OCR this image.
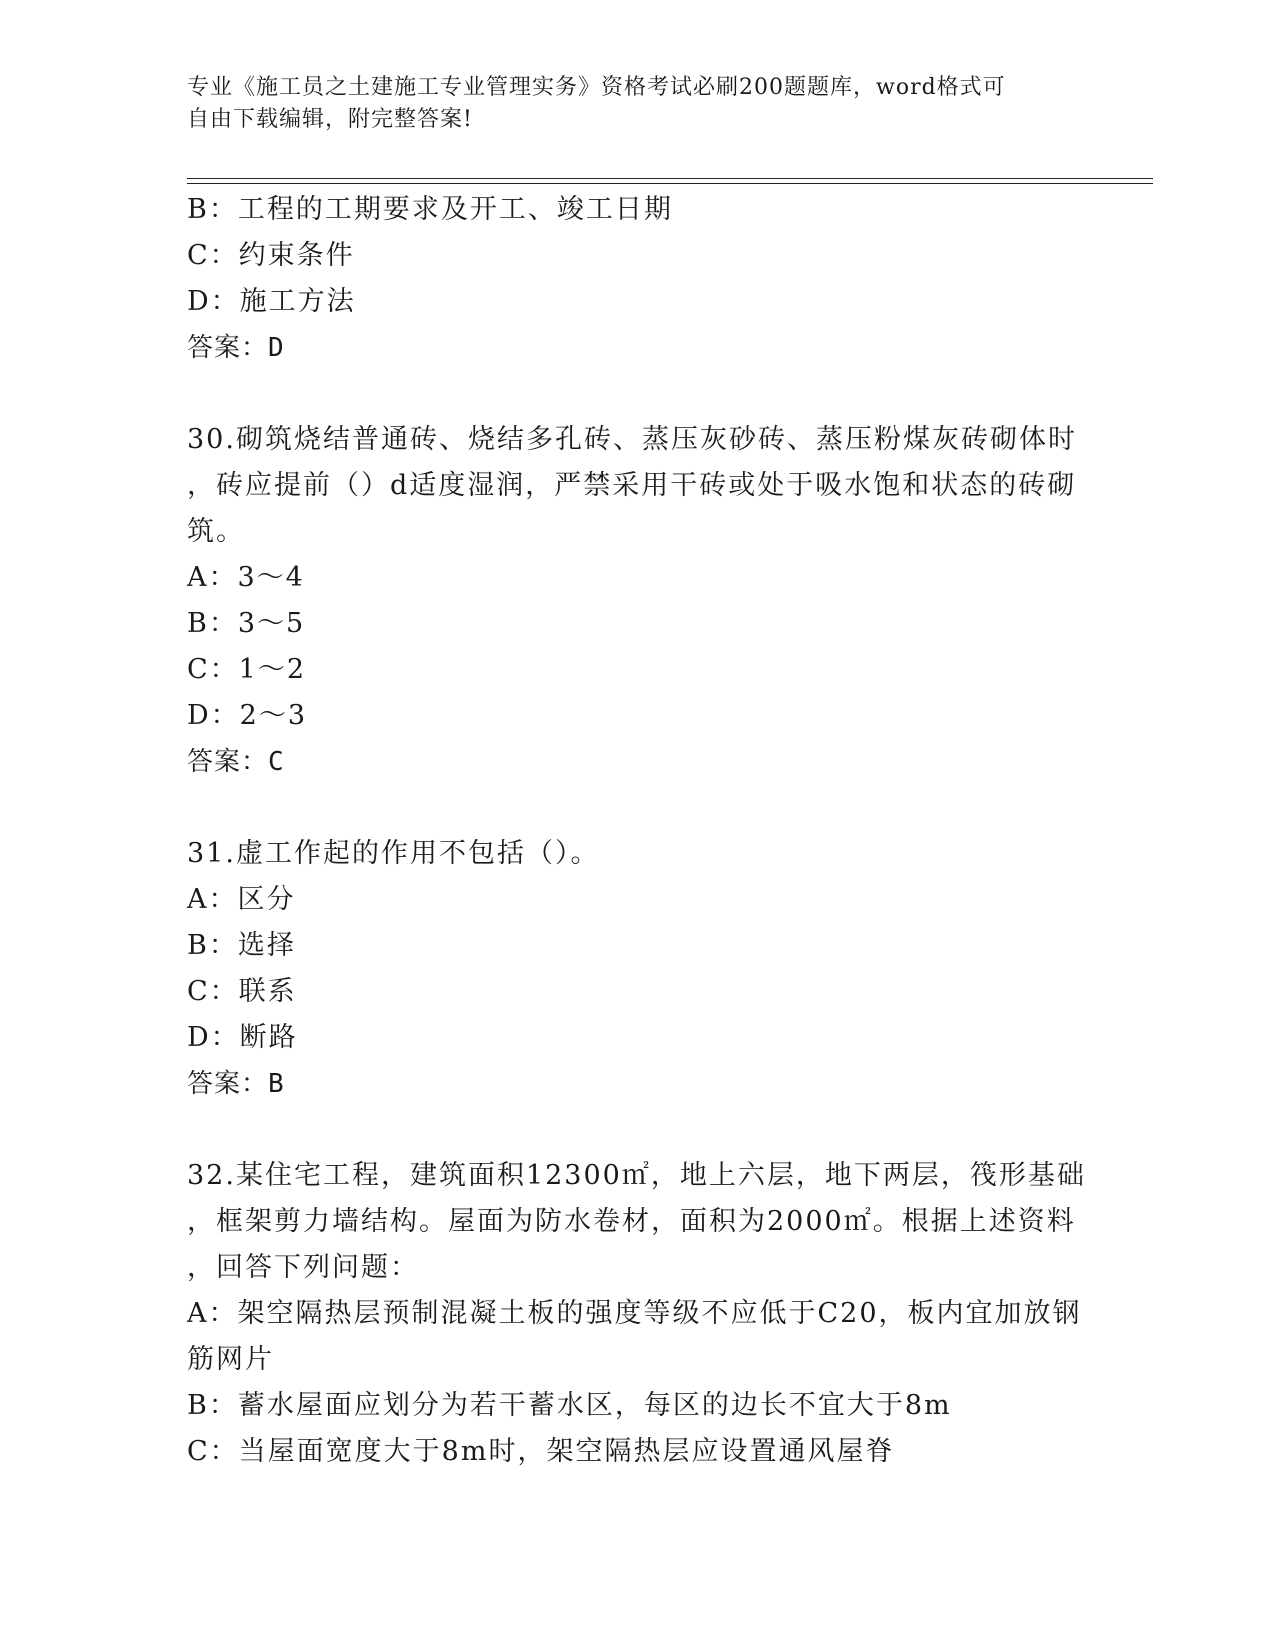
专业《施工员之土建施工专业管理实务》资格考试必刷200题题库，word格式可

自由下载编辑，附完整答案!

B：工程的工期要求及开工、竣工日期

C：约束条件

D：施工方法

答案：D

30.砌筑烧结普通砖、烧结多孔砖、蒸压灰砂砖、蒸压粉煤灰砖砌体时

，砖应提前（）d适度湿润，严禁采用干砖或处于吸水饱和状态的砖砌

筑。

A：3～4

B：3～5

C：1～2

D：2～3

答案：C

31.虚工作起的作用不包括（）。

A：区分

B：选择

C：联系

D：断路

答案：B

32.某住宅工程，建筑面积12300㎡，地上六层，地下两层，筏形基础

，框架剪力墙结构。屋面为防水卷材，面积为2000㎡。根据上述资料

，回答下列问题：

A：架空隔热层预制混凝土板的强度等级不应低于C20，板内宜加放钢

筋网片

B：蓄水屋面应划分为若干蓄水区，每区的边长不宜大于8m

C：当屋面宽度大于8m时，架空隔热层应设置通风屋脊
